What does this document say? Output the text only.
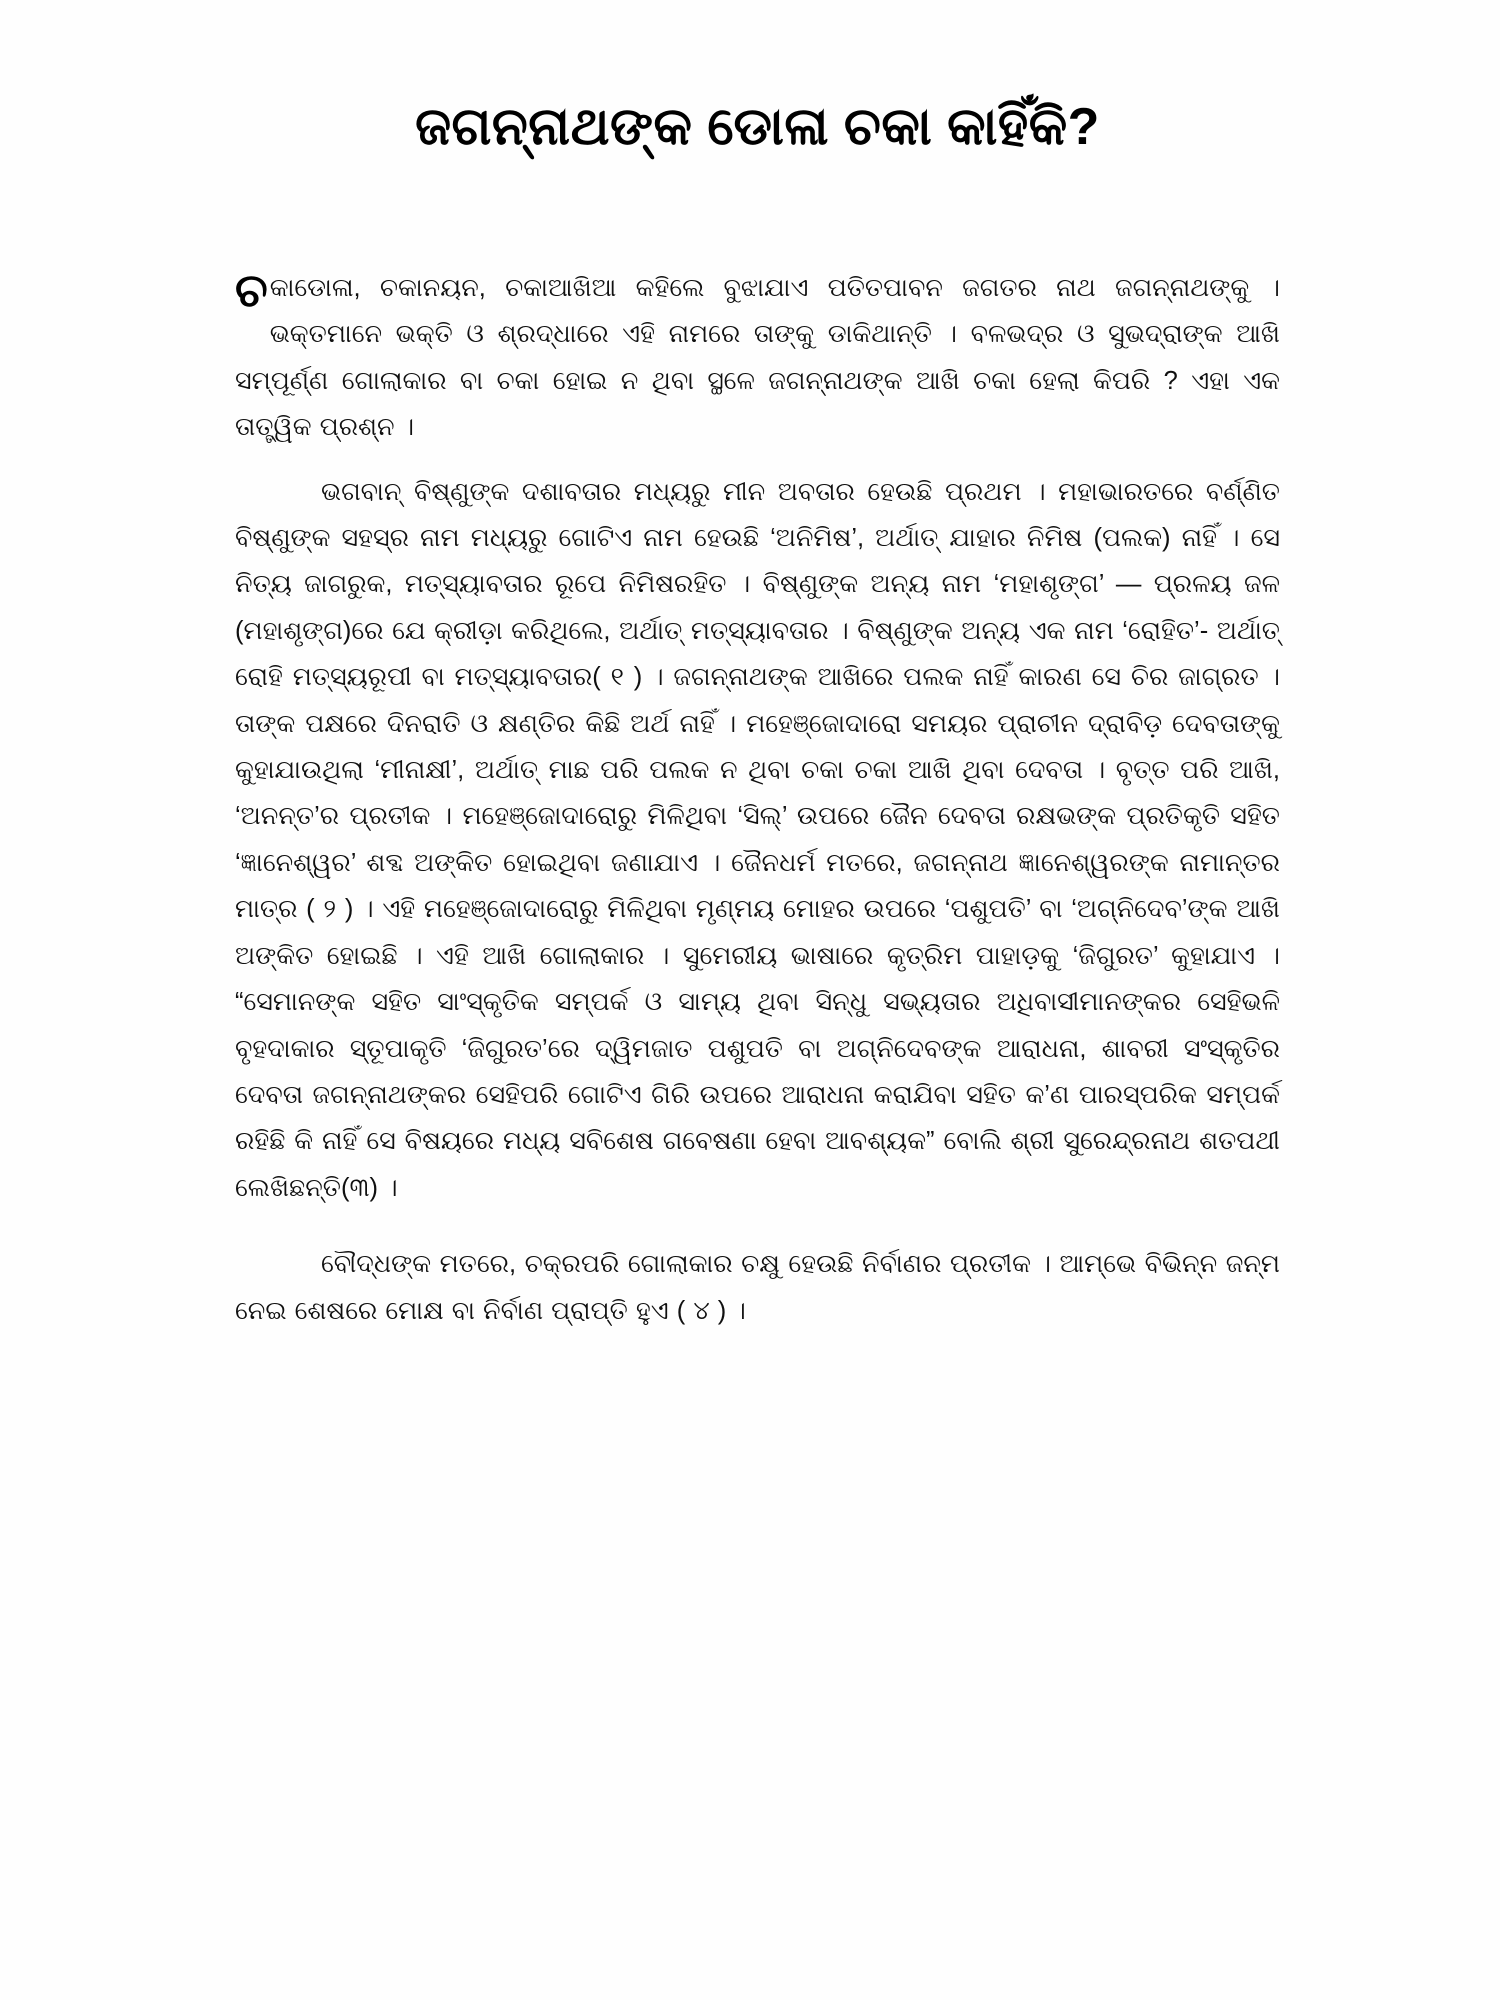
ଜଗନ୍ନାଥଙ୍କ ଡୋଳା ଚକା କାହିଁକି?

ଚକାଡୋଳା, ଚକାନୟନ, ଚକାଆଖିଆ କହିଲେ ବୁଝାଯାଏ ପତିତପାବନ ଜଗତର ନାଥ ଜଗନ୍ନାଥଙ୍କୁ । ଭକ୍ତମାନେ ଭକ୍ତି ଓ ଶ୍ରଦ୍ଧାରେ ଏହି ନାମରେ ତାଙ୍କୁ ଡାକିଥାନ୍ତି । ବଳଭଦ୍ର ଓ ସୁଭଦ୍ରାଙ୍କ ଆଖି ସମ୍ପୂର୍ଣ୍ଣ ଗୋଲାକାର ବା ଚକା ହୋଇ ନ ଥିବା ସ୍ଥଳେ ଜଗନ୍ନାଥଙ୍କ ଆଖି ଚକା ହେଲା କିପରି ? ଏହା ଏକ ତାତ୍ତ୍ୱିକ ପ୍ରଶ୍ନ ।

ଭଗବାନ୍ ବିଷ୍ଣୁଙ୍କ ଦଶାବତାର ମଧ୍ୟରୁ ମୀନ ଅବତାର ହେଉଛି ପ୍ରଥମ । ମହାଭାରତରେ ବର୍ଣ୍ଣିତ ବିଷ୍ଣୁଙ୍କ ସହସ୍ର ନାମ ମଧ୍ୟରୁ ଗୋଟିଏ ନାମ ହେଉଛି ‘ଅନିମିଷ’, ଅର୍ଥାତ୍ ଯାହାର ନିମିଷ (ପଲକ) ନାହିଁ । ସେ ନିତ୍ୟ ଜାଗରୁକ, ମତ୍ସ୍ୟାବତାର ରୂପେ ନିମିଷରହିତ । ବିଷ୍ଣୁଙ୍କ ଅନ୍ୟ ନାମ ‘ମହାଶୃଙ୍ଗ’ — ପ୍ରଳୟ ଜଳ (ମହାଶୃଙ୍ଗ)ରେ ଯେ କ୍ରୀଡ଼ା କରିଥିଲେ, ଅର୍ଥାତ୍ ମତ୍ସ୍ୟାବତାର । ବିଷ୍ଣୁଙ୍କ ଅନ୍ୟ ଏକ ନାମ ‘ରୋହିତ’- ଅର୍ଥାତ୍ ରୋହି ମତ୍ସ୍ୟରୂପୀ ବା ମତ୍ସ୍ୟାବତାର( ୧ ) । ଜଗନ୍ନାଥଙ୍କ ଆଖିରେ ପଲକ ନାହିଁ କାରଣ ସେ ଚିର ଜାଗ୍ରତ । ତାଙ୍କ ପକ୍ଷରେ ଦିନରାତି ଓ କ୍ଷଣ୍ତିର କିଛି ଅର୍ଥ ନାହିଁ । ମହେଞ୍ଜୋଦାରୋ ସମୟର ପ୍ରାଚୀନ ଦ୍ରାବିଡ଼ ଦେବତାଙ୍କୁ କୁହାଯାଉଥିଲା ‘ମୀନାକ୍ଷୀ’, ଅର୍ଥାତ୍ ମାଛ ପରି ପଲକ ନ ଥିବା ଚକା ଚକା ଆଖି ଥିବା ଦେବତା । ବୃତ୍ତ ପରି ଆଖି, ‘ଅନନ୍ତ’ର ପ୍ରତୀକ । ମହେଞ୍ଜୋଦାରୋରୁ ମିଳିଥିବା ‘ସିଲ୍’ ଉପରେ ଜୈନ ଦେବତା ରକ୍ଷଭଙ୍କ ପ୍ରତିକୃତି ସହିତ ‘ଜ୍ଞାନେଶ୍ୱର’ ଶବ୍ଦ ଅଙ୍କିତ ହୋଇଥିବା ଜଣାଯାଏ । ଜୈନଧର୍ମ ମତରେ, ଜଗନ୍ନାଥ ଜ୍ଞାନେଶ୍ୱରଙ୍କ ନାମାନ୍ତର ମାତ୍ର ( ୨ ) । ଏହି ମହେଞ୍ଜୋଦାରୋରୁ ମିଳିଥିବା ମୃଣ୍ମୟ ମୋହର ଉପରେ ‘ପଶୁପତି’ ବା ‘ଅଗ୍ନିଦେବ’ଙ୍କ ଆଖି ଅଙ୍କିତ ହୋଇଛି । ଏହି ଆଖି ଗୋଲାକାର । ସୁମେରୀୟ ଭାଷାରେ କୃତ୍ରିମ ପାହାଡ଼କୁ ‘ଜିଗୁରତ’ କୁହାଯାଏ । “ସେମାନଙ୍କ ସହିତ ସାଂସ୍କୃତିକ ସମ୍ପର୍କ ଓ ସାମ୍ୟ ଥିବା ସିନ୍ଧୁ ସଭ୍ୟତାର ଅଧିବାସୀମାନଙ୍କର ସେହିଭଳି ବୃହଦାକାର ସ୍ତୂପାକୃତି ‘ଜିଗୁରତ’ରେ ଦ୍ୱିମଜାତ ପଶୁପତି ବା ଅଗ୍ନିଦେବଙ୍କ ଆରାଧନା, ଶାବରୀ ସଂସ୍କୃତିର ଦେବତା ଜଗନ୍ନାଥଙ୍କର ସେହିପରି ଗୋଟିଏ ଗିରି ଉପରେ ଆରାଧନା କରାଯିବା ସହିତ କ’ଣ ପାରସ୍ପରିକ ସମ୍ପର୍କ ରହିଛି କି ନାହିଁ ସେ ବିଷୟରେ ମଧ୍ୟ ସବିଶେଷ ଗବେଷଣା ହେବା ଆବଶ୍ୟକ” ବୋଲି ଶ୍ରୀ ସୁରେନ୍ଦ୍ରନାଥ ଶତପଥୀ ଲେଖିଛନ୍ତି(୩) ।

ବୌଦ୍ଧଙ୍କ ମତରେ, ଚକ୍ରପରି ଗୋଲାକାର ଚକ୍ଷୁ ହେଉଛି ନିର୍ବାଣର ପ୍ରତୀକ । ଆମ୍ଭେ ବିଭିନ୍ନ ଜନ୍ମ ନେଇ ଶେଷରେ ମୋକ୍ଷ ବା ନିର୍ବାଣ ପ୍ରାପ୍ତି ହୁଏ ( ୪ ) ।
